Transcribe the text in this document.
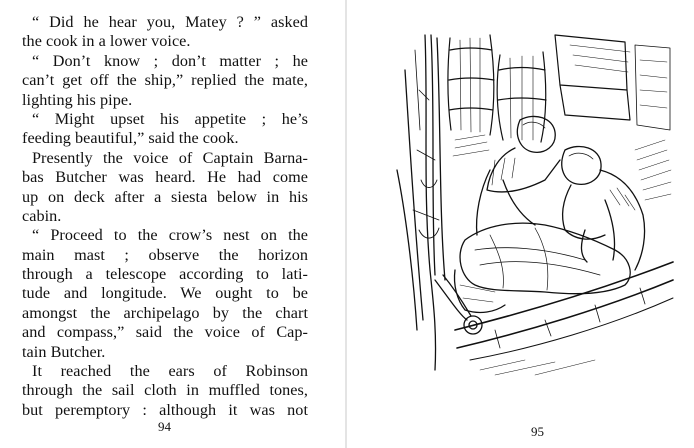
“ Did he hear you, Matey ? ” asked
the cook in a lower voice.
“ Don’t know ; don’t matter ; he
can’t get off the ship,” replied the mate,
lighting his pipe.
“ Might upset his appetite ; he’s
feeding beautiful,” said the cook.
Presently the voice of Captain Barna-
bas Butcher was heard. He had come
up on deck after a siesta below in his
cabin.
“ Proceed to the crow’s nest on the
main mast ; observe the horizon
through a telescope according to lati-
tude and longitude. We ought to be
amongst the archipelago by the chart
and compass,” said the voice of Cap-
tain Butcher.
It reached the ears of Robinson
through the sail cloth in muffled tones,
but peremptory : although it was not
94	95
